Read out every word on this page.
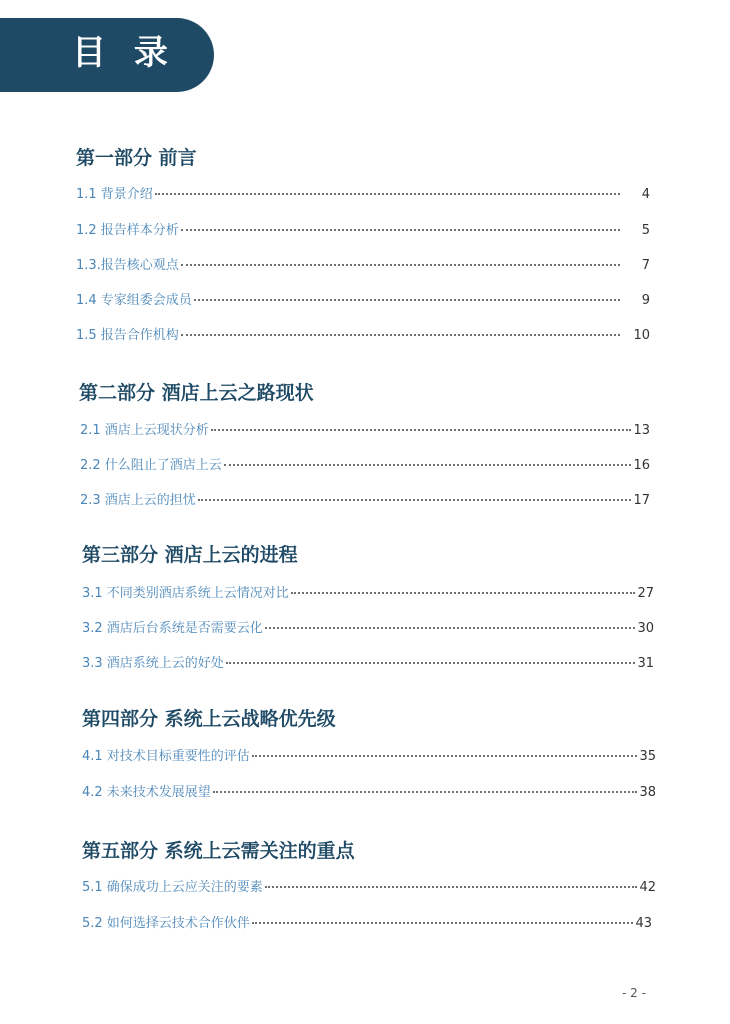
目 录
第一部分 前言
1.1 背景介绍	4
1.2 报告样本分析	5
1.3.报告核心观点	7
1.4 专家组委会成员	9
1.5 报告合作机构	10
第二部分 酒店上云之路现状
2.1 酒店上云现状分析	13
2.2 什么阻止了酒店上云	16
2.3 酒店上云的担忧	17
第三部分 酒店上云的进程
3.1 不同类别酒店系统上云情况对比	27
3.2 酒店后台系统是否需要云化	30
3.3 酒店系统上云的好处	31
第四部分 系统上云战略优先级
4.1 对技术目标重要性的评估	35
4.2 未来技术发展展望	38
第五部分 系统上云需关注的重点
5.1 确保成功上云应关注的要素	42
5.2 如何选择云技术合作伙伴	43
- 2 -
